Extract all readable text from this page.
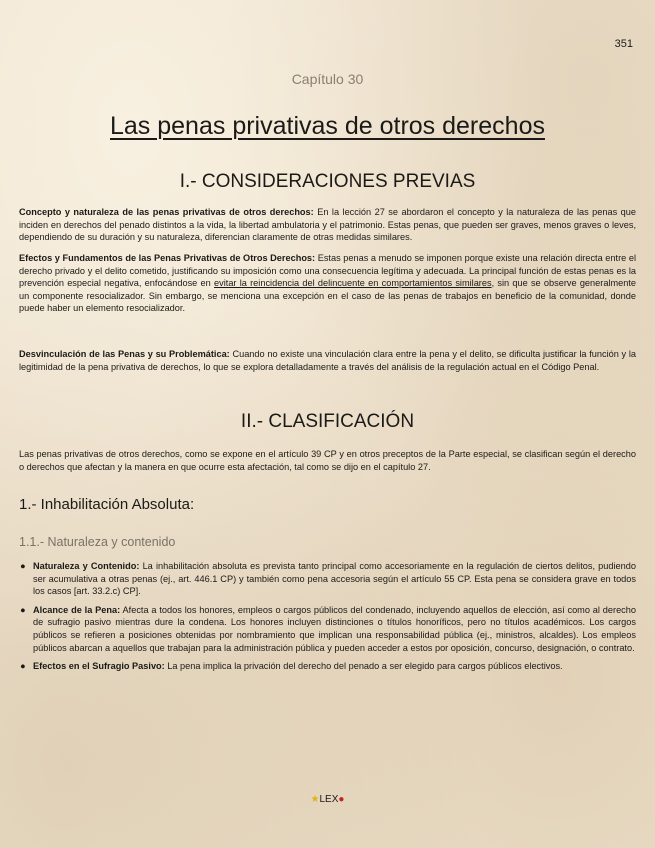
351
Capítulo 30
Las penas privativas de otros derechos
I.- CONSIDERACIONES PREVIAS
Concepto y naturaleza de las penas privativas de otros derechos: En la lección 27 se abordaron el concepto y la naturaleza de las penas que inciden en derechos del penado distintos a la vida, la libertad ambulatoria y el patrimonio. Estas penas, que pueden ser graves, menos graves o leves, dependiendo de su duración y su naturaleza, diferencian claramente de otras medidas similares.
Efectos y Fundamentos de las Penas Privativas de Otros Derechos: Estas penas a menudo se imponen porque existe una relación directa entre el derecho privado y el delito cometido, justificando su imposición como una consecuencia legítima y adecuada. La principal función de estas penas es la prevención especial negativa, enfocándose en evitar la reincidencia del delincuente en comportamientos similares, sin que se observe generalmente un componente resocializador. Sin embargo, se menciona una excepción en el caso de las penas de trabajos en beneficio de la comunidad, donde puede haber un elemento resocializador.
Desvinculación de las Penas y su Problemática: Cuando no existe una vinculación clara entre la pena y el delito, se dificulta justificar la función y la legitimidad de la pena privativa de derechos, lo que se explora detalladamente a través del análisis de la regulación actual en el Código Penal.
II.- CLASIFICACIÓN
Las penas privativas de otros derechos, como se expone en el artículo 39 CP y en otros preceptos de la Parte especial, se clasifican según el derecho o derechos que afectan y la manera en que ocurre esta afectación, tal como se dijo en el capítulo 27.
1.- Inhabilitación Absoluta:
1.1.- Naturaleza y contenido
● Naturaleza y Contenido: La inhabilitación absoluta es prevista tanto principal como accesoriamente en la regulación de ciertos delitos, pudiendo ser acumulativa a otras penas (ej., art. 446.1 CP) y también como pena accesoria según el artículo 55 CP. Esta pena se considera grave en todos los casos [art. 33.2.c) CP].
● Alcance de la Pena: Afecta a todos los honores, empleos o cargos públicos del condenado, incluyendo aquellos de elección, así como al derecho de sufragio pasivo mientras dure la condena. Los honores incluyen distinciones o títulos honoríficos, pero no títulos académicos. Los cargos públicos se refieren a posiciones obtenidas por nombramiento que implican una responsabilidad pública (ej., ministros, alcaldes). Los empleos públicos abarcan a aquellos que trabajan para la administración pública y pueden acceder a estos por oposición, concurso, designación, o contrato.
● Efectos en el Sufragio Pasivo: La pena implica la privación del derecho del penado a ser elegido para cargos públicos electivos.
★LEX●
